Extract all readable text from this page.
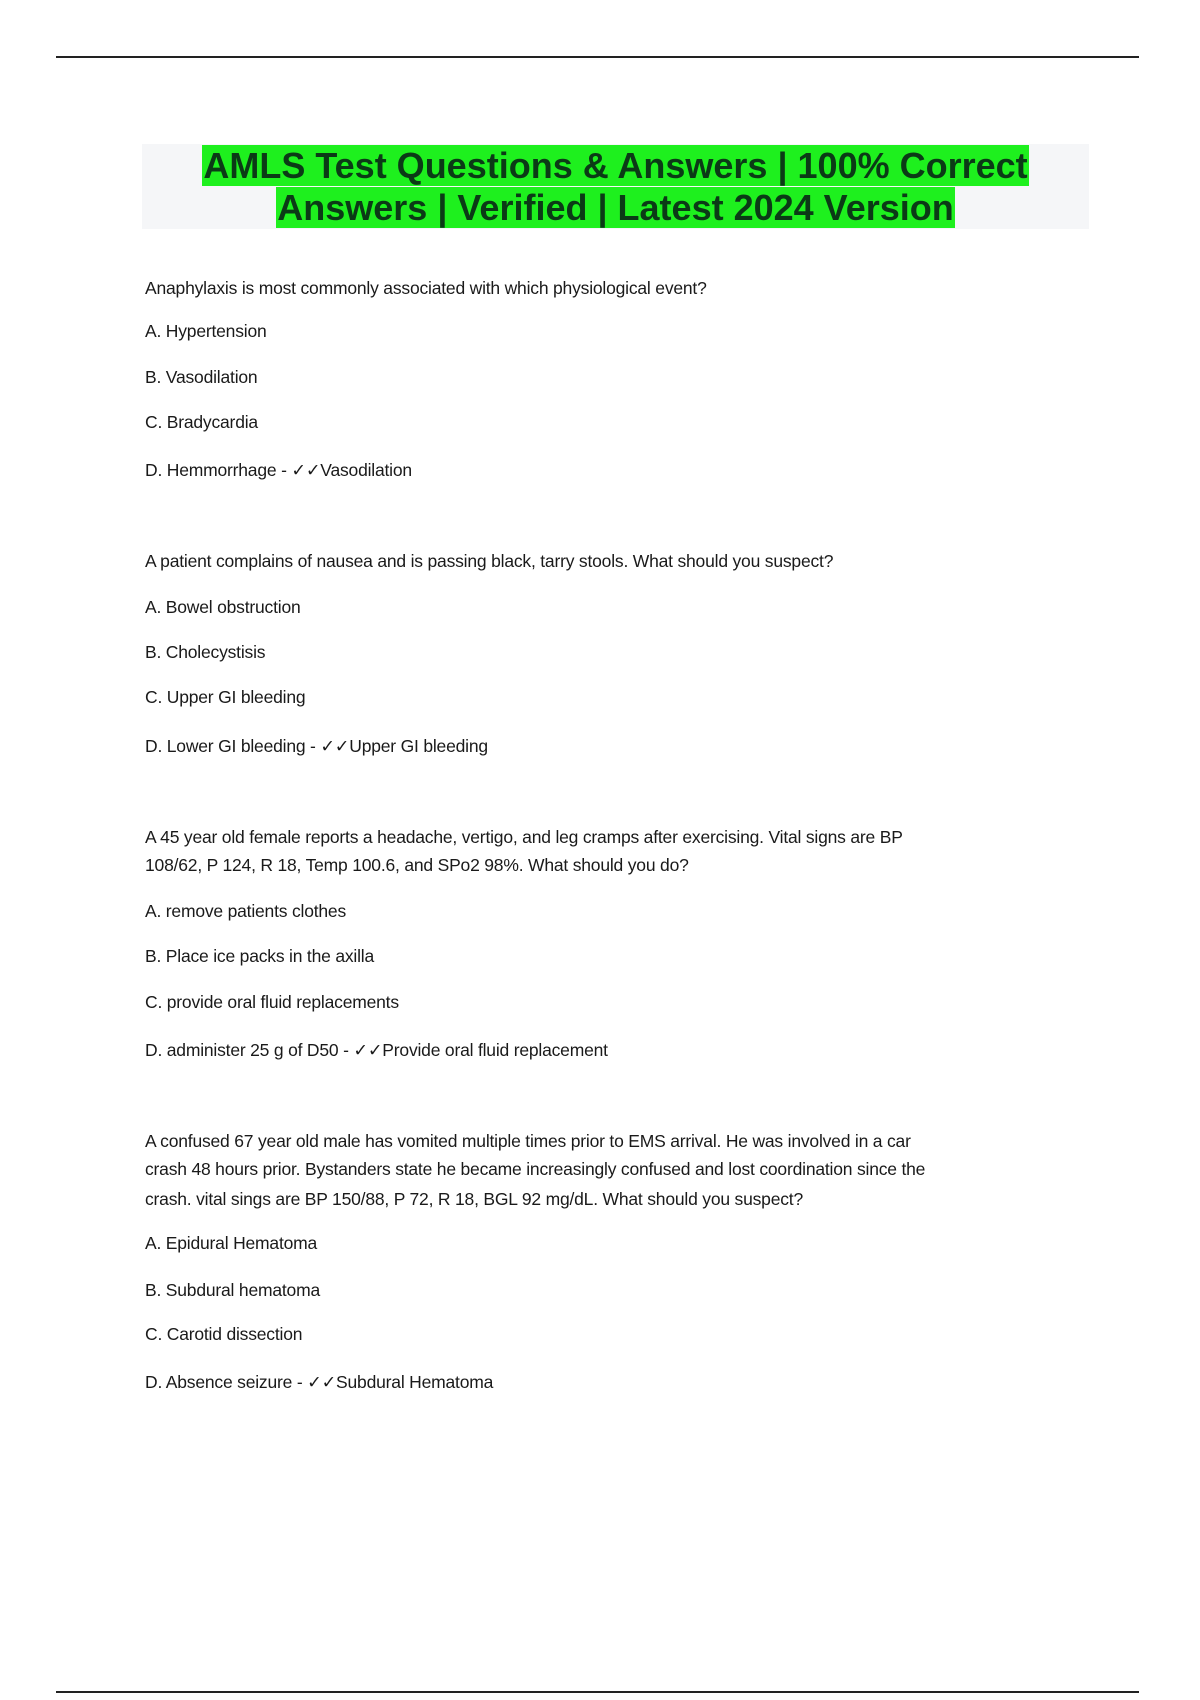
AMLS Test Questions & Answers | 100% Correct
Answers | Verified | Latest 2024 Version
Anaphylaxis is most commonly associated with which physiological event?
A. Hypertension
B. Vasodilation
C. Bradycardia
D. Hemmorrhage - ✓✓Vasodilation
A patient complains of nausea and is passing black, tarry stools. What should you suspect?
A. Bowel obstruction
B. Cholecystisis
C. Upper GI bleeding
D. Lower GI bleeding - ✓✓Upper GI bleeding
A 45 year old female reports a headache, vertigo, and leg cramps after exercising. Vital signs are BP
108/62, P 124, R 18, Temp 100.6, and SPo2 98%. What should you do?
A. remove patients clothes
B. Place ice packs in the axilla
C. provide oral fluid replacements
D. administer 25 g of D50 - ✓✓Provide oral fluid replacement
A confused 67 year old male has vomited multiple times prior to EMS arrival. He was involved in a car
crash 48 hours prior. Bystanders state he became increasingly confused and lost coordination since the
crash. vital sings are BP 150/88, P 72, R 18, BGL 92 mg/dL. What should you suspect?
A. Epidural Hematoma
B. Subdural hematoma
C. Carotid dissection
D. Absence seizure - ✓✓Subdural Hematoma
